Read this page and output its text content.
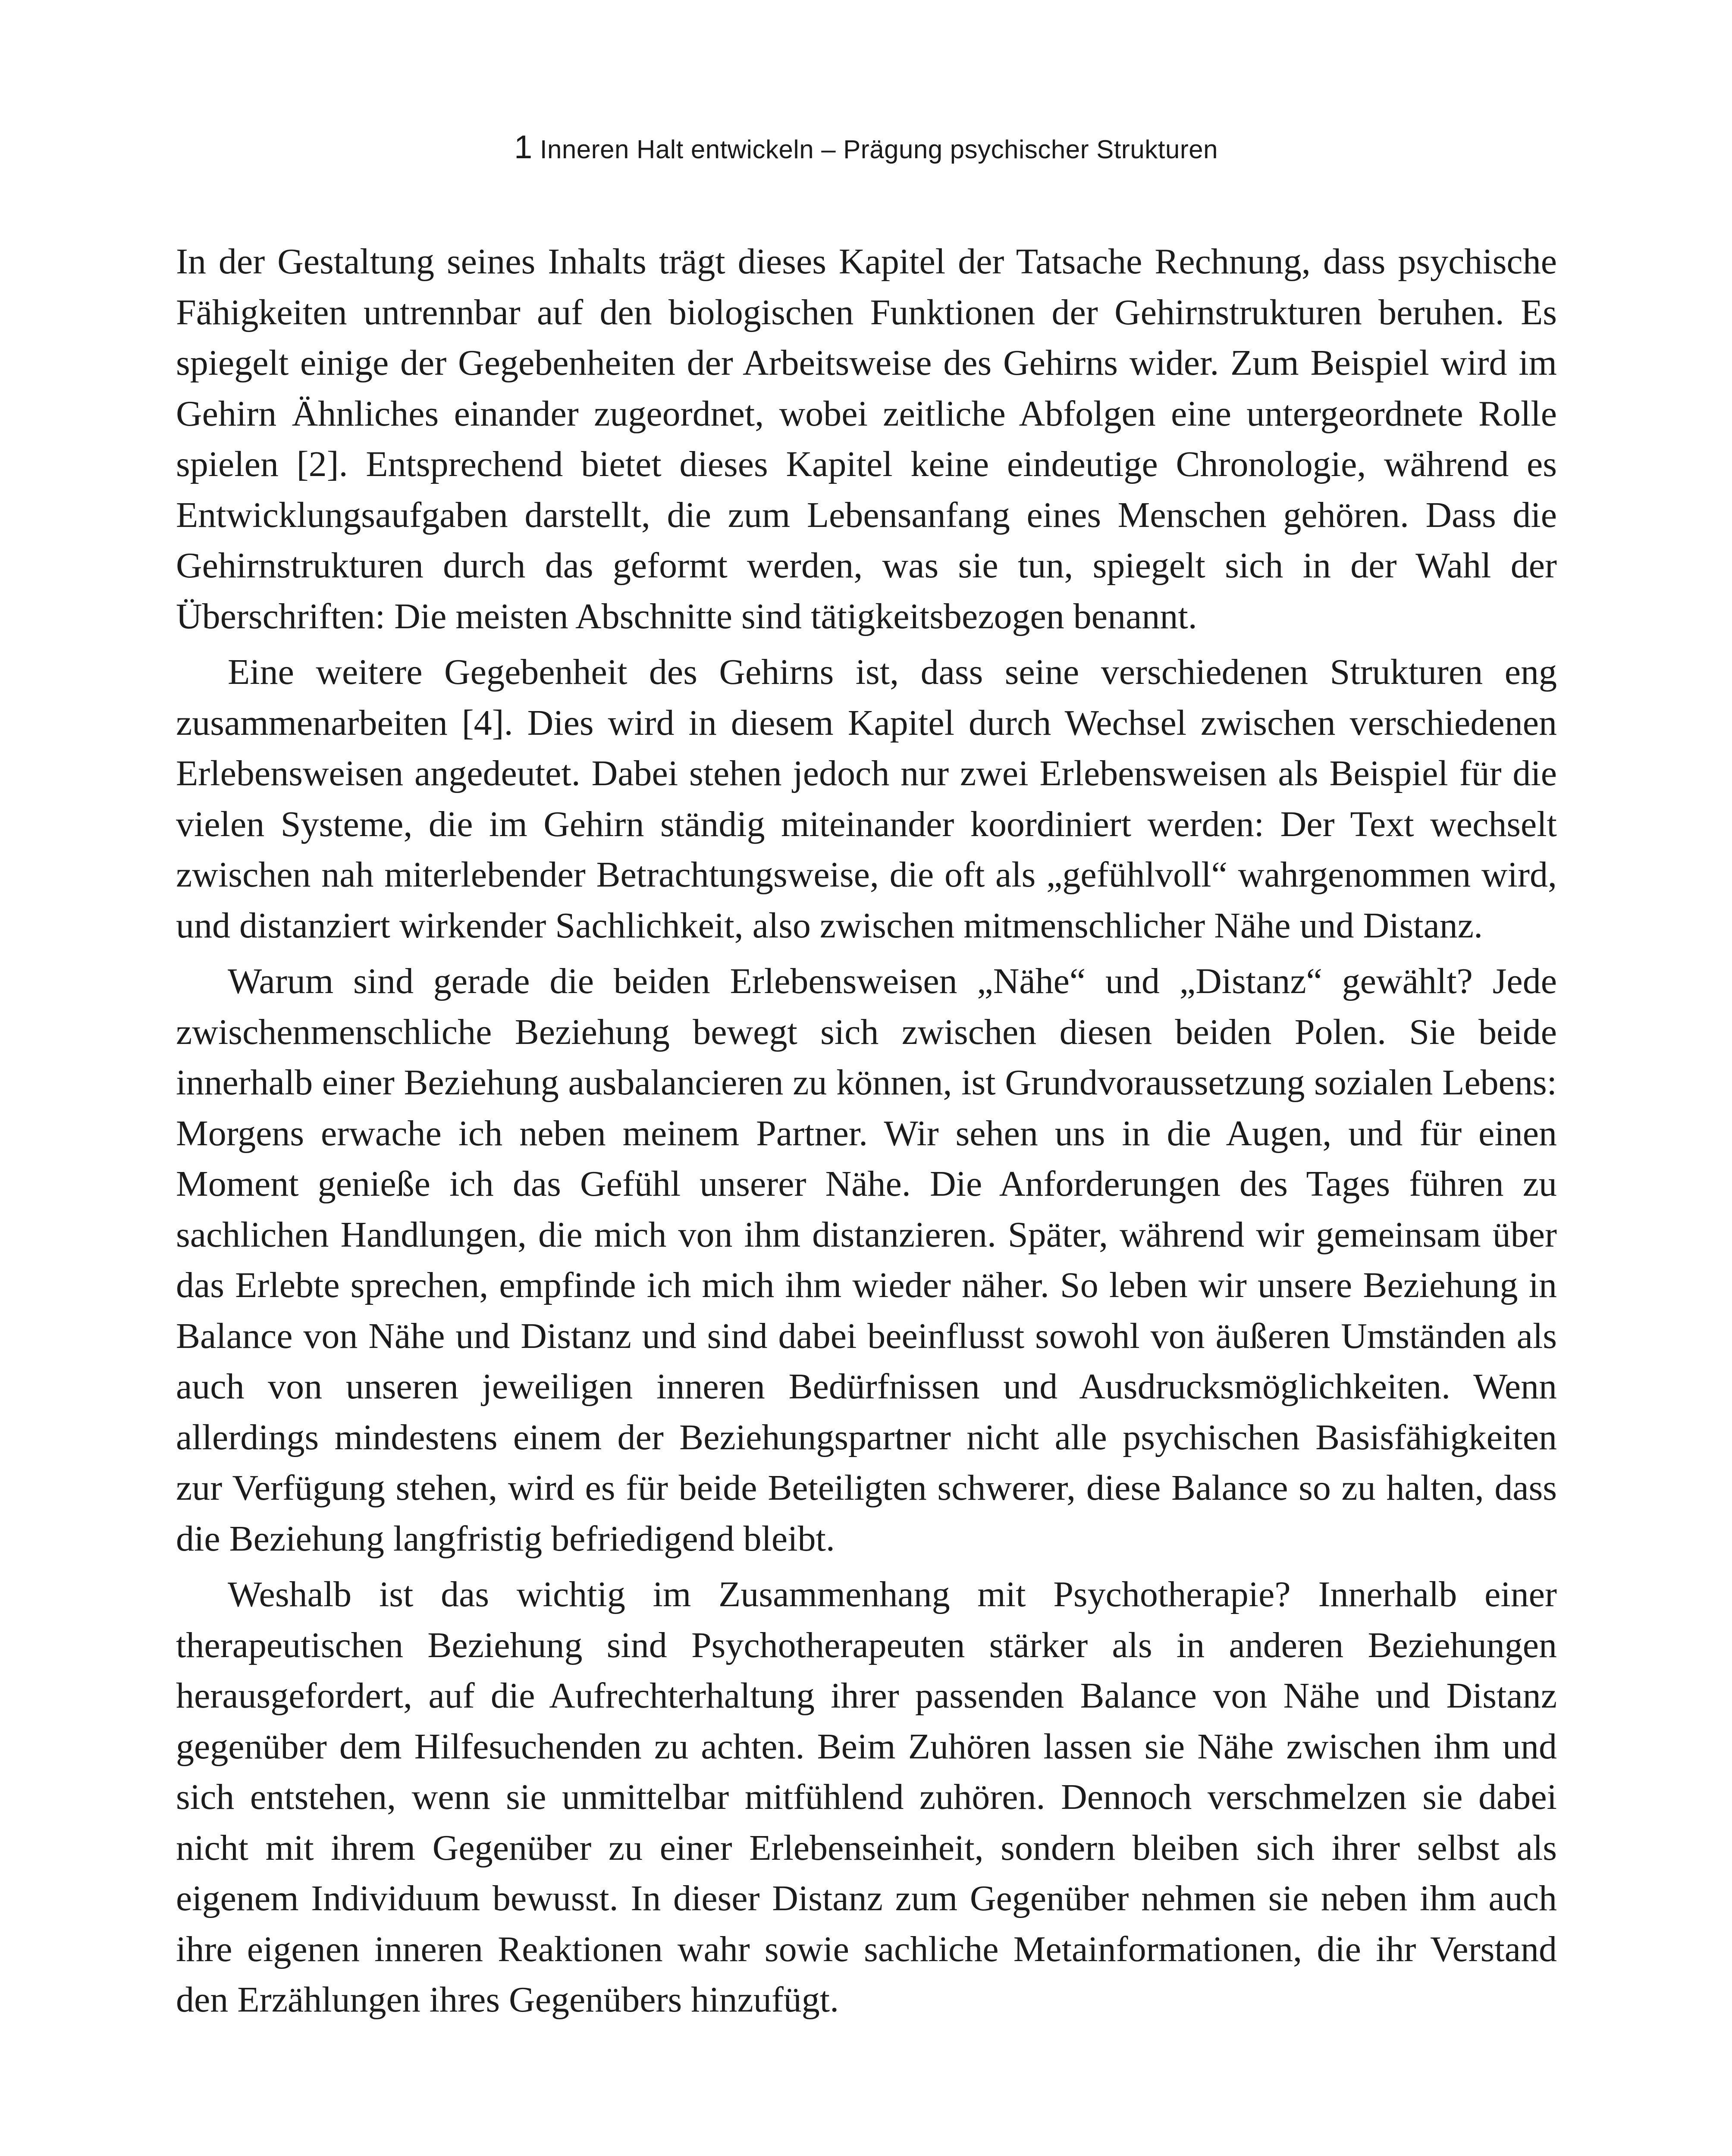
1 Inneren Halt entwickeln – Prägung psychischer Strukturen

In der Gestaltung seines Inhalts trägt dieses Kapitel der Tatsache Rechnung, dass psychische Fähigkeiten untrennbar auf den biologischen Funktionen der Gehirnstrukturen beruhen. Es spiegelt einige der Gegebenheiten der Arbeitsweise des Gehirns wider. Zum Beispiel wird im Gehirn Ähnliches einander zugeordnet, wobei zeitliche Abfolgen eine untergeordnete Rolle spielen [2]. Entsprechend bietet dieses Kapitel keine eindeutige Chronologie, während es Entwicklungsaufgaben darstellt, die zum Lebensanfang eines Menschen gehören. Dass die Gehirnstrukturen durch das geformt werden, was sie tun, spiegelt sich in der Wahl der Überschriften: Die meisten Abschnitte sind tätigkeitsbezogen benannt.

Eine weitere Gegebenheit des Gehirns ist, dass seine verschiedenen Strukturen eng zusammenarbeiten [4]. Dies wird in diesem Kapitel durch Wechsel zwischen verschiedenen Erlebensweisen angedeutet. Dabei stehen jedoch nur zwei Erlebensweisen als Beispiel für die vielen Systeme, die im Gehirn ständig miteinander koordiniert werden: Der Text wechselt zwischen nah miterlebender Betrachtungsweise, die oft als „gefühlvoll“ wahrgenommen wird, und distanziert wirkender Sachlichkeit, also zwischen mitmenschlicher Nähe und Distanz.

Warum sind gerade die beiden Erlebensweisen „Nähe“ und „Distanz“ gewählt? Jede zwischenmenschliche Beziehung bewegt sich zwischen diesen beiden Polen. Sie beide innerhalb einer Beziehung ausbalancieren zu können, ist Grundvoraussetzung sozialen Lebens: Morgens erwache ich neben meinem Partner. Wir sehen uns in die Augen, und für einen Moment genieße ich das Gefühl unserer Nähe. Die Anforderungen des Tages führen zu sachlichen Handlungen, die mich von ihm distanzieren. Später, während wir gemeinsam über das Erlebte sprechen, empfinde ich mich ihm wieder näher. So leben wir unsere Beziehung in Balance von Nähe und Distanz und sind dabei beeinflusst sowohl von äußeren Umständen als auch von unseren jeweiligen inneren Bedürfnissen und Ausdrucksmöglichkeiten. Wenn allerdings mindestens einem der Beziehungspartner nicht alle psychischen Basisfähigkeiten zur Verfügung stehen, wird es für beide Beteiligten schwerer, diese Balance so zu halten, dass die Beziehung langfristig befriedigend bleibt.

Weshalb ist das wichtig im Zusammenhang mit Psychotherapie? Innerhalb einer therapeutischen Beziehung sind Psychotherapeuten stärker als in anderen Beziehungen herausgefordert, auf die Aufrechterhaltung ihrer passenden Balance von Nähe und Distanz gegenüber dem Hilfesuchenden zu achten. Beim Zuhören lassen sie Nähe zwischen ihm und sich entstehen, wenn sie unmittelbar mitfühlend zuhören. Dennoch verschmelzen sie dabei nicht mit ihrem Gegenüber zu einer Erlebenseinheit, sondern bleiben sich ihrer selbst als eigenem Individuum bewusst. In dieser Distanz zum Gegenüber nehmen sie neben ihm auch ihre eigenen inneren Reaktionen wahr sowie sachliche Metainformationen, die ihr Verstand den Erzählungen ihres Gegenübers hinzufügt.
